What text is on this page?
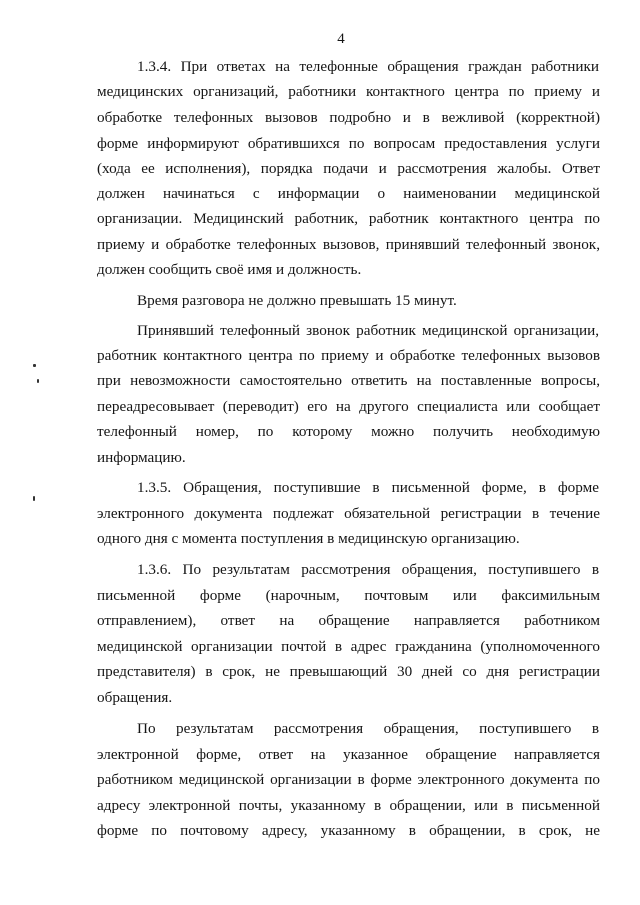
4
1.3.4. При ответах на телефонные обращения граждан работники
медицинских организаций, работники контактного центра по приему и
обработке телефонных вызовов подробно и в вежливой (корректной)
форме информируют обратившихся по вопросам предоставления услуги
(хода ее исполнения), порядка подачи и рассмотрения жалобы. Ответ
должен начинаться с информации о наименовании медицинской
организации. Медицинский работник, работник контактного центра по
приему и обработке телефонных вызовов, принявший телефонный звонок,
должен сообщить своё имя и должность.
Время разговора не должно превышать 15 минут.
Принявший телефонный звонок работник медицинской организации,
работник контактного центра по приему и обработке телефонных вызовов
при невозможности самостоятельно ответить на поставленные вопросы,
переадресовывает (переводит) его на другого специалиста или сообщает
телефонный номер, по которому можно получить необходимую
информацию.
1.3.5. Обращения, поступившие в письменной форме, в форме
электронного документа подлежат обязательной регистрации в течение
одного дня с момента поступления в медицинскую организацию.
1.3.6. По результатам рассмотрения обращения, поступившего в
письменной форме (нарочным, почтовым или факсимильным
отправлением), ответ на обращение направляется работником
медицинской организации почтой в адрес гражданина (уполномоченного
представителя) в срок, не превышающий 30 дней со дня регистрации
обращения.
По результатам рассмотрения обращения, поступившего в
электронной форме, ответ на указанное обращение направляется
работником медицинской организации в форме электронного документа по
адресу электронной почты, указанному в обращении, или в письменной
форме по почтовому адресу, указанному в обращении, в срок, не
